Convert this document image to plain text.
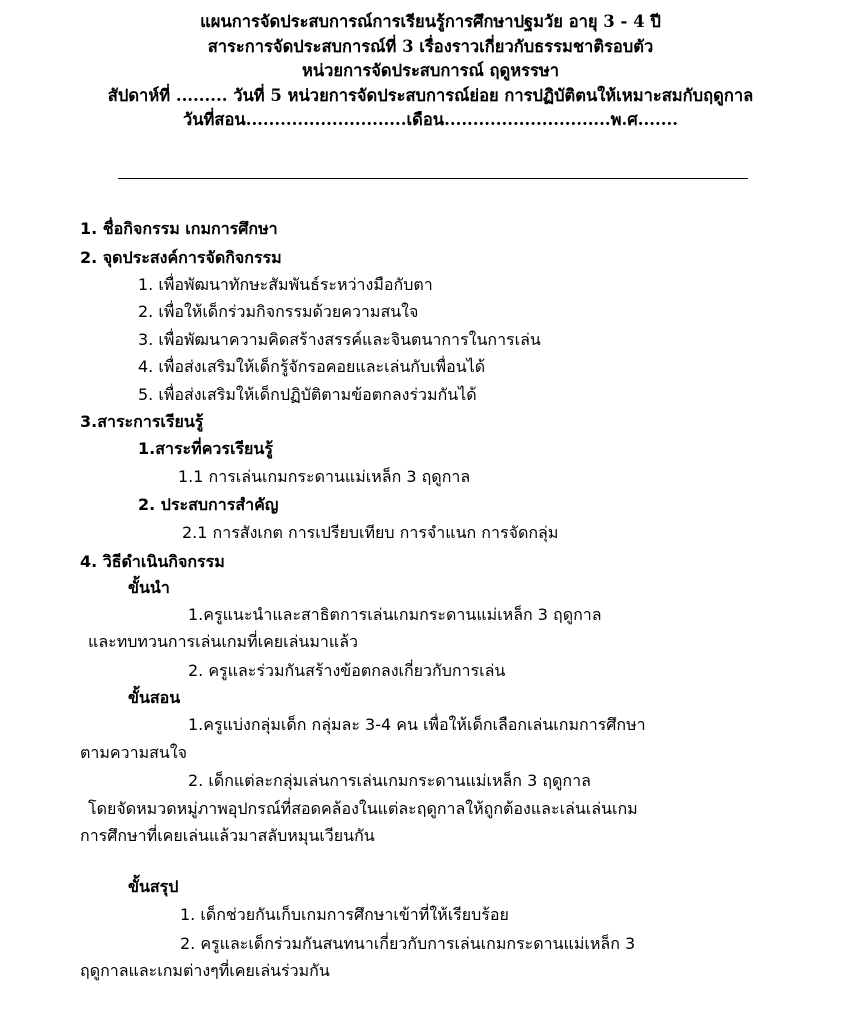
แผนการจัดประสบการณ์การเรียนรู้การศึกษาปฐมวัย อายุ 3 - 4 ปี
สาระการจัดประสบการณ์ที่ 3 เรื่องราวเกี่ยวกับธรรมชาติรอบตัว
หน่วยการจัดประสบการณ์ ฤดูหรรษา
สัปดาห์ที่ ......... วันที่ 5 หน่วยการจัดประสบการณ์ย่อย การปฏิบัติตนให้เหมาะสมกับฤดูกาล
วันที่สอน............................เดือน.............................พ.ศ.......
1. ชื่อกิจกรรม เกมการศึกษา
2. จุดประสงค์การจัดกิจกรรม
1. เพื่อพัฒนาทักษะสัมพันธ์ระหว่างมือกับตา
2. เพื่อให้เด็กร่วมกิจกรรมด้วยความสนใจ
3. เพื่อพัฒนาความคิดสร้างสรรค์และจินตนาการในการเล่น
4. เพื่อส่งเสริมให้เด็กรู้จักรอคอยและเล่นกับเพื่อนได้
5. เพื่อส่งเสริมให้เด็กปฏิบัติตามข้อตกลงร่วมกันได้
3.สาระการเรียนรู้
1.สาระที่ควรเรียนรู้
1.1 การเล่นเกมกระดานแม่เหล็ก 3 ฤดูกาล
2. ประสบการสำคัญ
2.1 การสังเกต การเปรียบเทียบ การจำแนก การจัดกลุ่ม
4. วิธีดำเนินกิจกรรม
ขั้นนำ
1.ครูแนะนำและสาธิตการเล่นเกมกระดานแม่เหล็ก 3 ฤดูกาล
และทบทวนการเล่นเกมที่เคยเล่นมาแล้ว
2. ครูและร่วมกันสร้างข้อตกลงเกี่ยวกับการเล่น
ขั้นสอน
1.ครูแบ่งกลุ่มเด็ก กลุ่มละ 3-4 คน เพื่อให้เด็กเลือกเล่นเกมการศึกษา
ตามความสนใจ
2. เด็กแต่ละกลุ่มเล่นการเล่นเกมกระดานแม่เหล็ก 3 ฤดูกาล
โดยจัดหมวดหมู่ภาพอุปกรณ์ที่สอดคล้องในแต่ละฤดูกาลให้ถูกต้องและเล่นเล่นเกม
การศึกษาที่เคยเล่นแล้วมาสลับหมุนเวียนกัน
ขั้นสรุป
1. เด็กช่วยกันเก็บเกมการศึกษาเข้าที่ให้เรียบร้อย
2. ครูและเด็กร่วมกันสนทนาเกี่ยวกับการเล่นเกมกระดานแม่เหล็ก 3
ฤดูกาลและเกมต่างๆที่เคยเล่นร่วมกัน
